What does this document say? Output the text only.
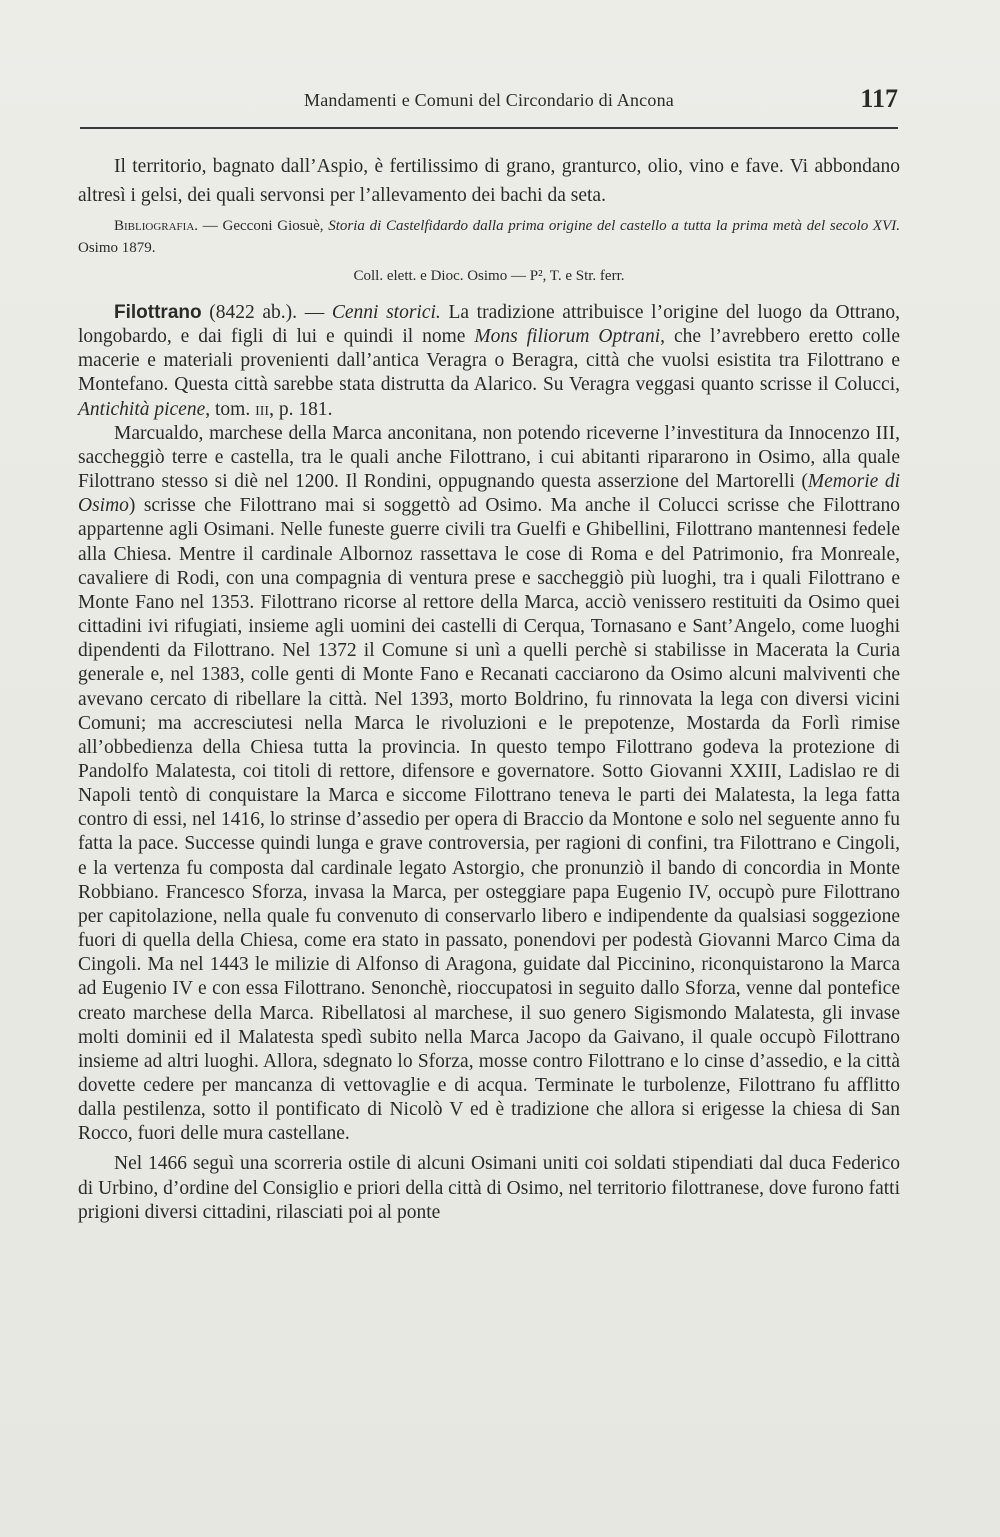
Mandamenti e Comuni del Circondario di Ancona	117

Il territorio, bagnato dall’Aspio, è fertilissimo di grano, granturco, olio, vino e fave. Vi abbondano altresì i gelsi, dei quali servonsi per l’allevamento dei bachi da seta.

Bibliografia. — Gecconi Giosuè, Storia di Castelfidardo dalla prima origine del castello a tutta la prima metà del secolo XVI. Osimo 1879.

Coll. elett. e Dioc. Osimo — P², T. e Str. ferr.

Filottrano (8422 ab.). — Cenni storici. La tradizione attribuisce l’origine del luogo da Ottrano, longobardo, e dai figli di lui e quindi il nome Mons filiorum Optrani, che l’avrebbero eretto colle macerie e materiali provenienti dall’antica Veragra o Beragra, città che vuolsi esistita tra Filottrano e Montefano. Questa città sarebbe stata distrutta da Alarico. Su Veragra veggasi quanto scrisse il Colucci, Antichità picene, tom. iii, p. 181.

Marcualdo, marchese della Marca anconitana, non potendo riceverne l’investitura da Innocenzo III, saccheggiò terre e castella, tra le quali anche Filottrano, i cui abitanti ripararono in Osimo, alla quale Filottrano stesso si diè nel 1200. Il Rondini, oppugnando questa asserzione del Martorelli (Memorie di Osimo) scrisse che Filottrano mai si soggettò ad Osimo. Ma anche il Colucci scrisse che Filottrano appartenne agli Osimani. Nelle funeste guerre civili tra Guelfi e Ghibellini, Filottrano mantennesi fedele alla Chiesa. Mentre il cardinale Albornoz rassettava le cose di Roma e del Patrimonio, fra Monreale, cavaliere di Rodi, con una compagnia di ventura prese e saccheggiò più luoghi, tra i quali Filottrano e Monte Fano nel 1353. Filottrano ricorse al rettore della Marca, acciò venissero restituiti da Osimo quei cittadini ivi rifugiati, insieme agli uomini dei castelli di Cerqua, Tornasano e Sant’Angelo, come luoghi dipendenti da Filottrano. Nel 1372 il Comune si unì a quelli perchè si stabilisse in Macerata la Curia generale e, nel 1383, colle genti di Monte Fano e Recanati cacciarono da Osimo alcuni malviventi che avevano cercato di ribellare la città. Nel 1393, morto Boldrino, fu rinnovata la lega con diversi vicini Comuni; ma accresciutesi nella Marca le rivoluzioni e le prepotenze, Mostarda da Forlì rimise all’obbedienza della Chiesa tutta la provincia. In questo tempo Filottrano godeva la protezione di Pandolfo Malatesta, coi titoli di rettore, difensore e governatore. Sotto Giovanni XXIII, Ladislao re di Napoli tentò di conquistare la Marca e siccome Filottrano teneva le parti dei Malatesta, la lega fatta contro di essi, nel 1416, lo strinse d’assedio per opera di Braccio da Montone e solo nel seguente anno fu fatta la pace. Successe quindi lunga e grave controversia, per ragioni di confini, tra Filottrano e Cingoli, e la vertenza fu composta dal cardinale legato Astorgio, che pronunziò il bando di concordia in Monte Robbiano. Francesco Sforza, invasa la Marca, per osteggiare papa Eugenio IV, occupò pure Filottrano per capitolazione, nella quale fu convenuto di conservarlo libero e indipendente da qualsiasi soggezione fuori di quella della Chiesa, come era stato in passato, ponendovi per podestà Giovanni Marco Cima da Cingoli. Ma nel 1443 le milizie di Alfonso di Aragona, guidate dal Piccinino, riconquistarono la Marca ad Eugenio IV e con essa Filottrano. Senonchè, rioccupatosi in seguito dallo Sforza, venne dal pontefice creato marchese della Marca. Ribellatosi al marchese, il suo genero Sigismondo Malatesta, gli invase molti dominii ed il Malatesta spedì subito nella Marca Jacopo da Gaivano, il quale occupò Filottrano insieme ad altri luoghi. Allora, sdegnato lo Sforza, mosse contro Filottrano e lo cinse d’assedio, e la città dovette cedere per mancanza di vettovaglie e di acqua. Terminate le turbolenze, Filottrano fu afflitto dalla pestilenza, sotto il pontificato di Nicolò V ed è tradizione che allora si erigesse la chiesa di San Rocco, fuori delle mura castellane.

Nel 1466 seguì una scorreria ostile di alcuni Osimani uniti coi soldati stipendiati dal duca Federico di Urbino, d’ordine del Consiglio e priori della città di Osimo, nel territorio filottranese, dove furono fatti prigioni diversi cittadini, rilasciati poi al ponte
